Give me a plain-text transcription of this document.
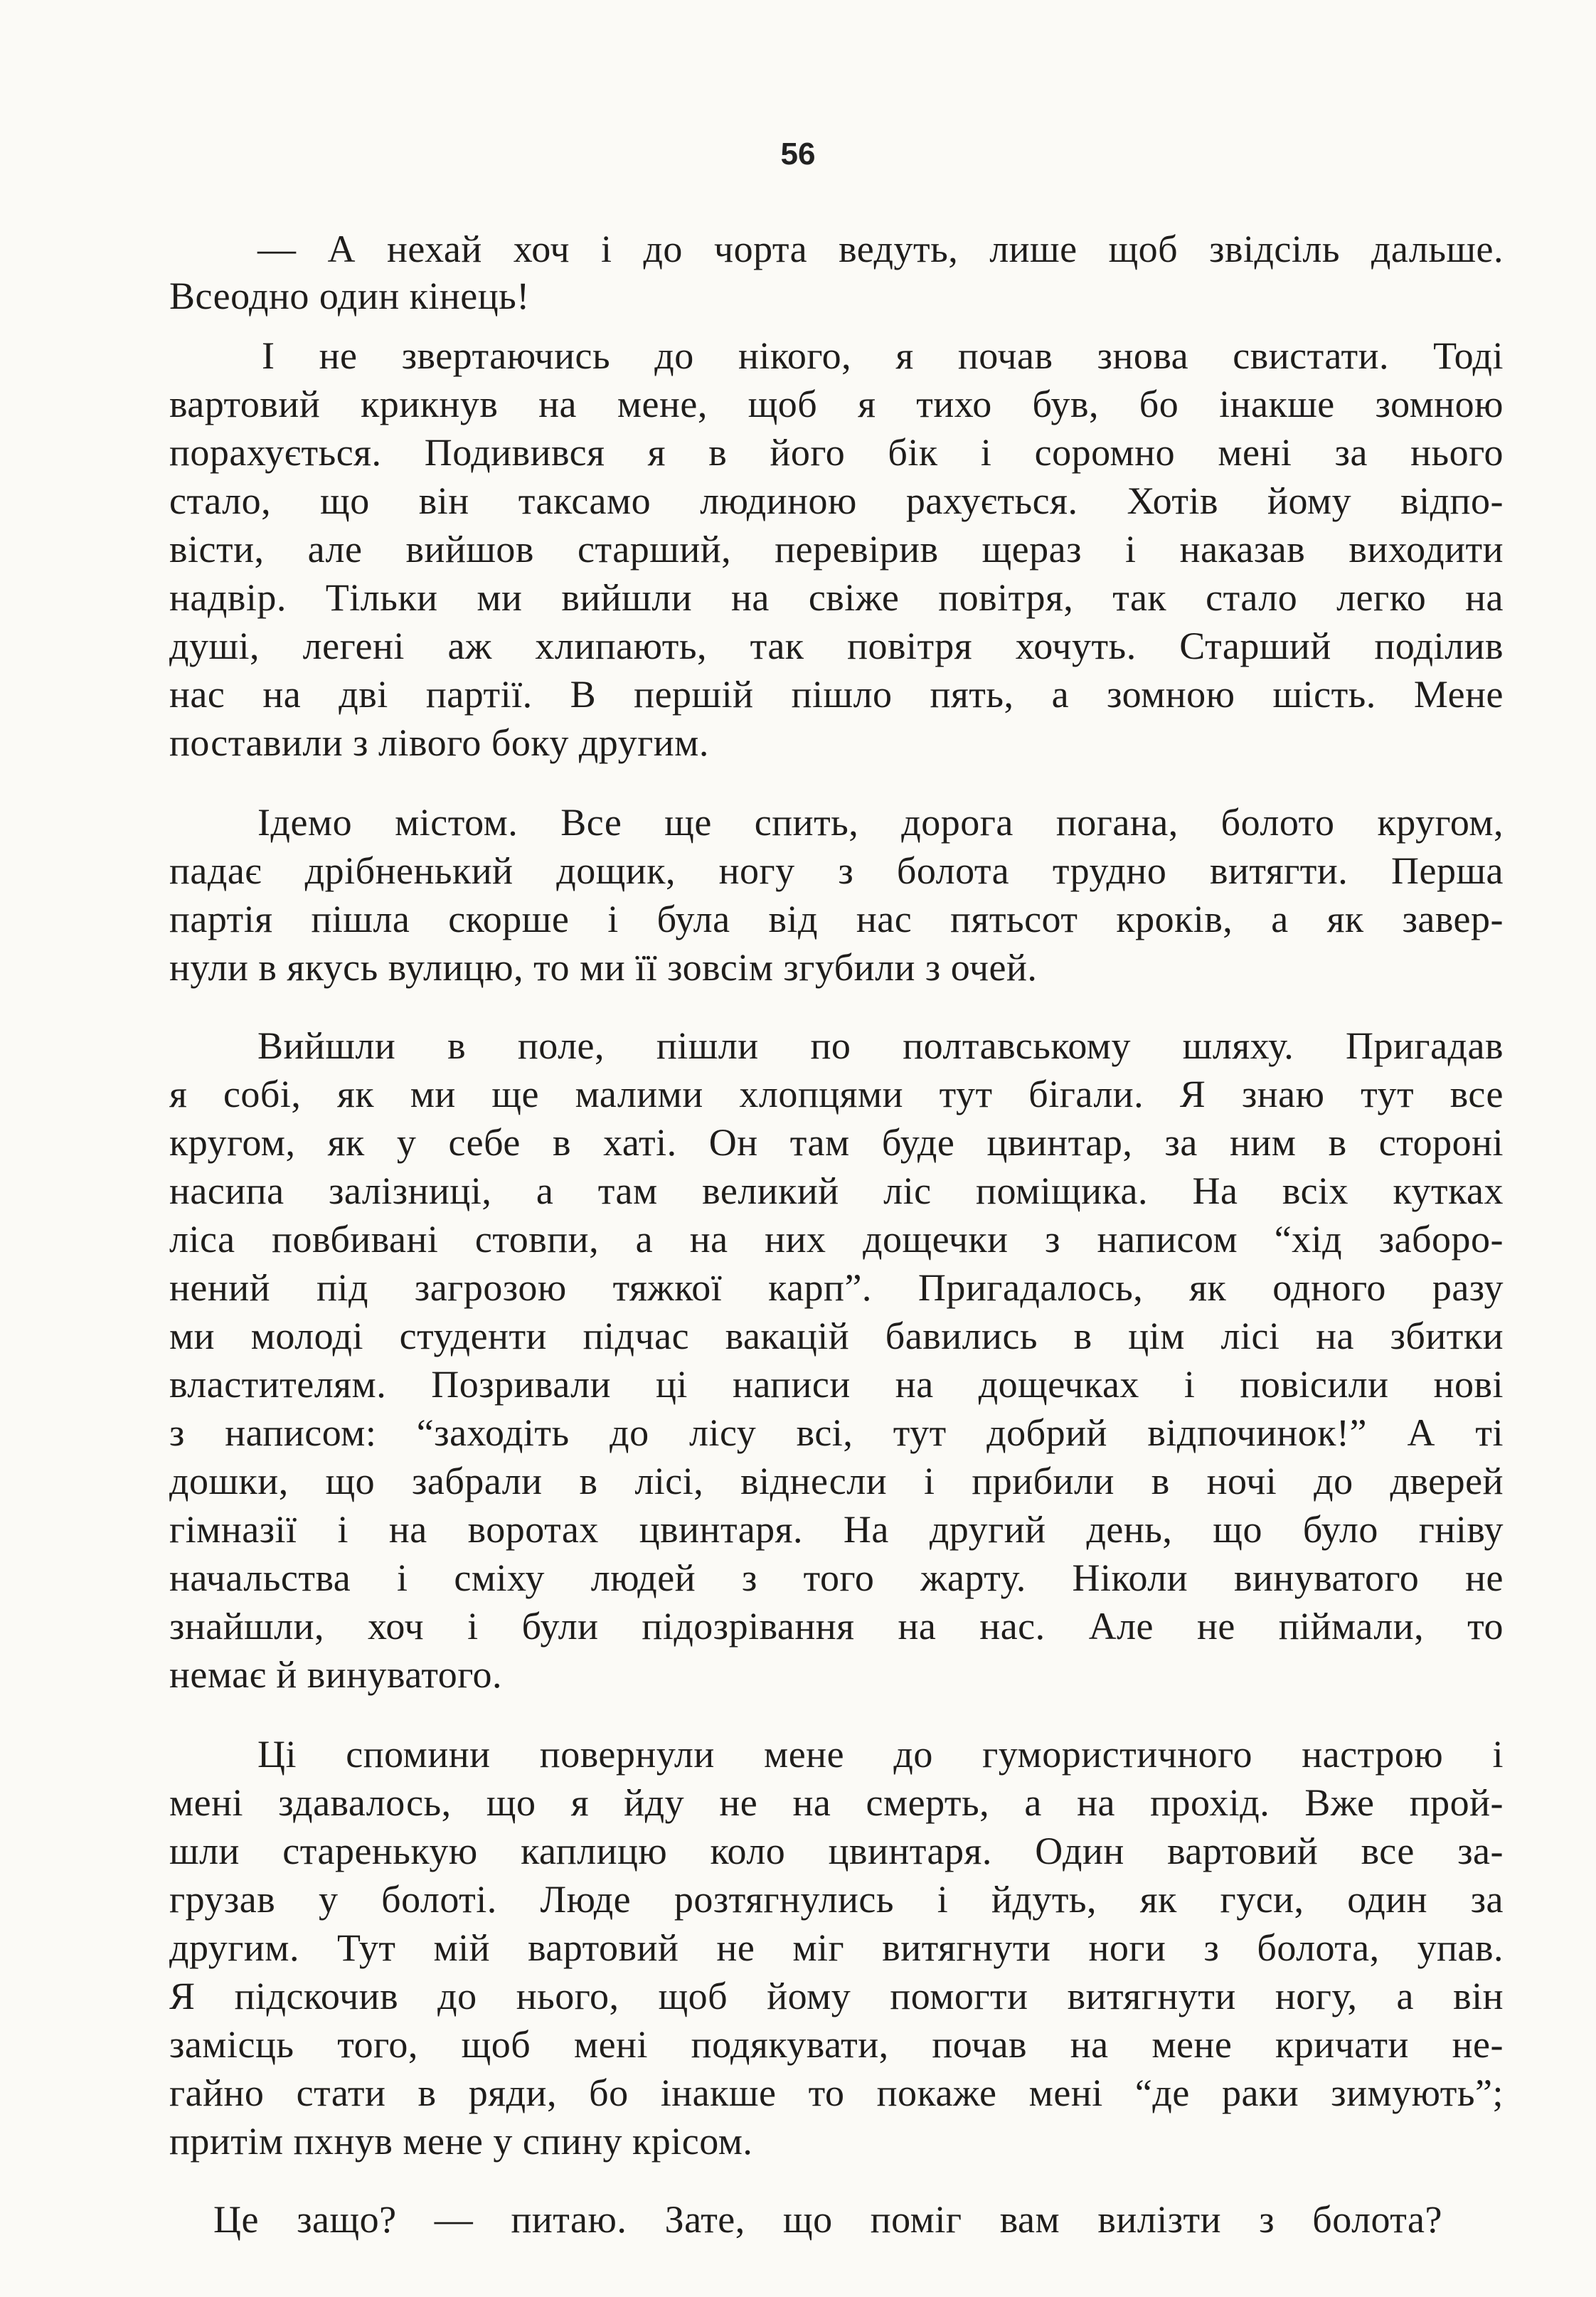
56
— А нехай хоч і до чорта ведуть, лише щоб звідсіль дальше.
Всеодно один кінець!
І не звертаючись до нікого, я почав знова свистати. Тоді
вартовий крикнув на мене, щоб я тихо був, бо інакше зомною
порахується. Подивився я в його бік і соромно мені за нього
стало, що він таксамо людиною рахується. Хотів йому відпо-
вісти, але вийшов старший, перевірив щераз і наказав виходити
надвір. Тільки ми вийшли на свіже повітря, так стало легко на
душі, легені аж хлипають, так повітря хочуть. Старший поділив
нас на дві партії. В першій пішло пять, а зомною шість. Мене
поставили з лівого боку другим.
Ідемо містом. Все ще спить, дорога погана, болото кругом,
падає дрібненький дощик, ногу з болота трудно витягти. Перша
партія пішла скорше і була від нас пятьсот кроків, а як завер-
нули в якусь вулицю, то ми її зовсім згубили з очей.
Вийшли в поле, пішли по полтавському шляху. Пригадав
я собі, як ми ще малими хлопцями тут бігали. Я знаю тут все
кругом, як у себе в хаті. Он там буде цвинтар, за ним в стороні
насипа залізниці, а там великий ліс поміщика. На всіх кутках
ліса повбивані стовпи, а на них дощечки з написом “хід заборо-
нений під загрозою тяжкої карп”. Пригадалось, як одного разу
ми молоді студенти підчас вакацій бавились в цім лісі на збитки
властителям. Позривали ці написи на дощечках і повісили нові
з написом: “заходіть до лісу всі, тут добрий відпочинок!” А ті
дошки, що забрали в лісі, віднесли і прибили в ночі до дверей
гімназії і на воротах цвинтаря. На другий день, що було гніву
начальства і сміху людей з того жарту. Ніколи винуватого не
знайшли, хоч і були підозрівання на нас. Але не піймали, то
немає й винуватого.
Ці спомини повернули мене до гумористичного настрою і
мені здавалось, що я йду не на смерть, а на прохід. Вже прой-
шли старенькую каплицю коло цвинтаря. Один вартовий все за-
грузав у болоті. Люде розтягнулись і йдуть, як гуси, один за
другим. Тут мій вартовий не міг витягнути ноги з болота, упав.
Я підскочив до нього, щоб йому помогти витягнути ногу, а він
замісць того, щоб мені подякувати, почав на мене кричати не-
гайно стати в ряди, бо інакше то покаже мені “де раки зимують”;
притім пхнув мене у спину крісом.
Це защо? — питаю. Зате, що поміг вам вилізти з болота?
